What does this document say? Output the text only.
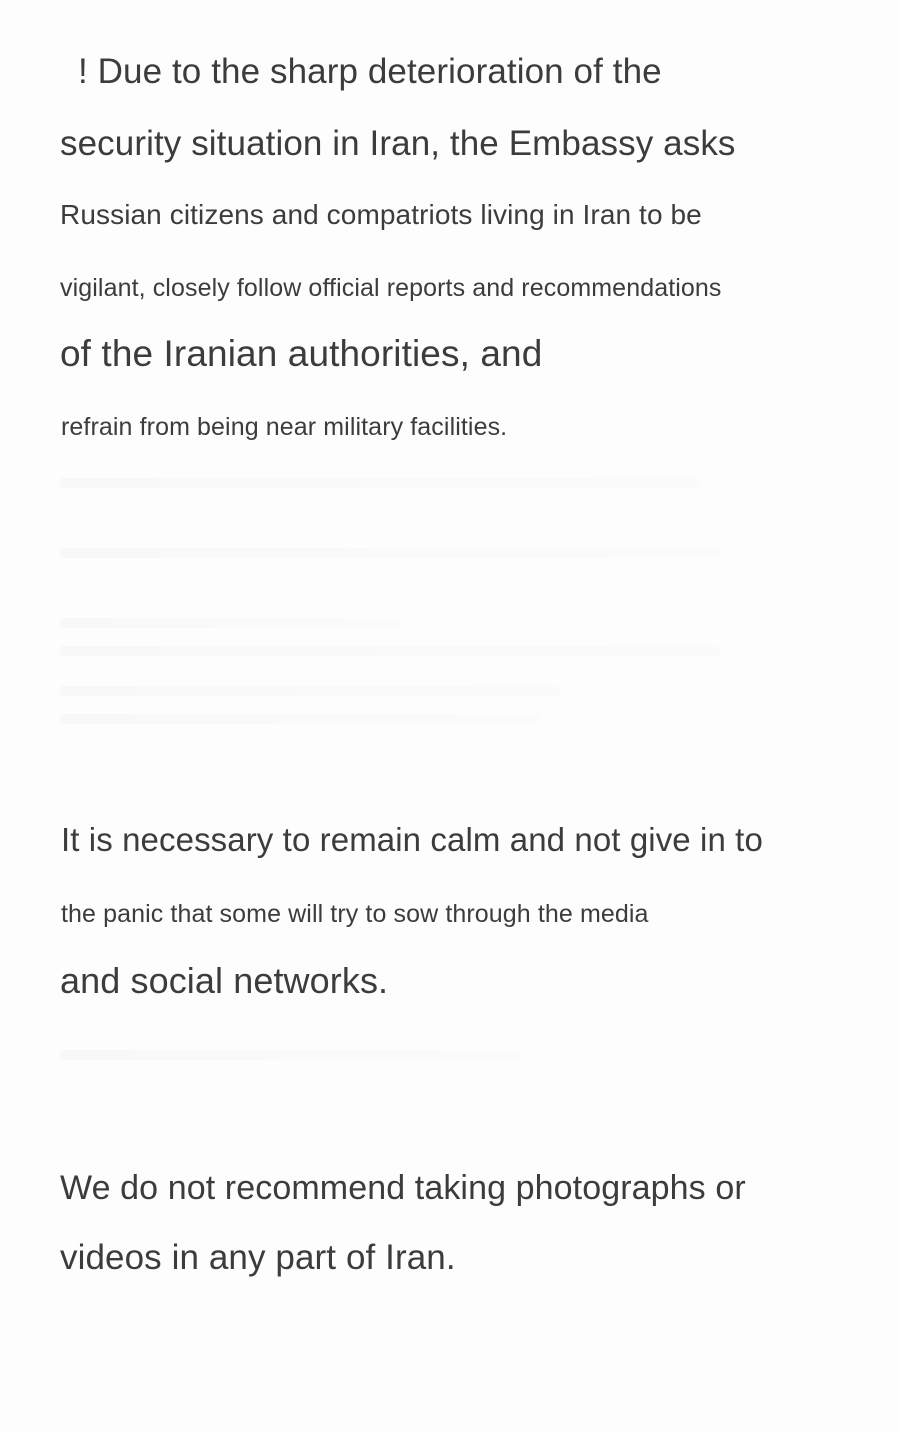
! Due to the sharp deterioration of the
security situation in Iran, the Embassy asks
Russian citizens and compatriots living in Iran to be
vigilant, closely follow official reports and recommendations
of the Iranian authorities, and
refrain from being near military facilities.
It is necessary to remain calm and not give in to
the panic that some will try to sow through the media
and social networks.
We do not recommend taking photographs or
videos in any part of Iran.
